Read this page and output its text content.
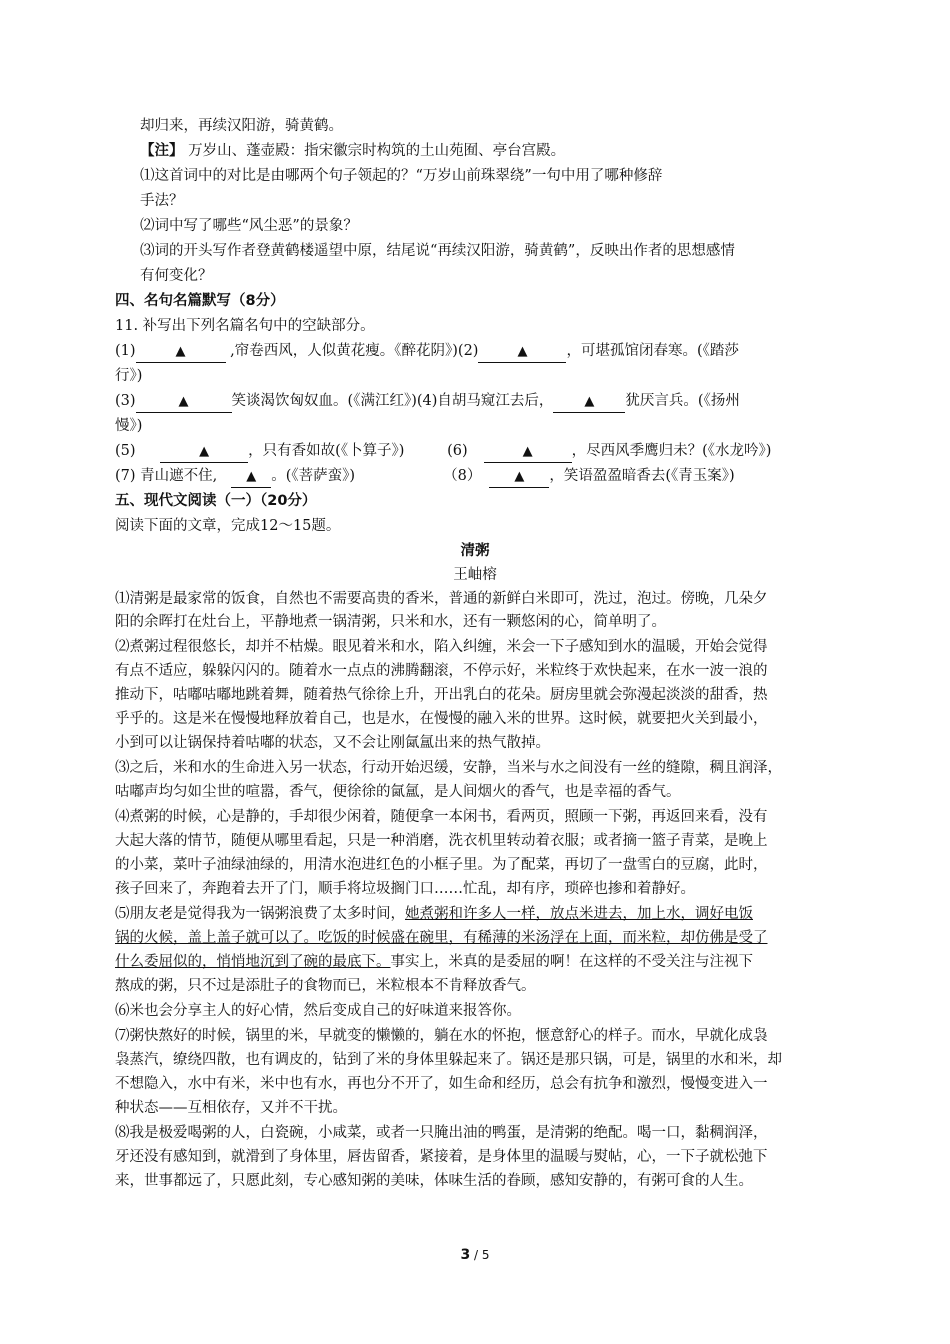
却归来，再续汉阳游，骑黄鹤。
【注】 万岁山、蓬壶殿：指宋徽宗时构筑的土山苑囿、亭台宫殿。
⑴这首词中的对比是由哪两个句子领起的？“万岁山前珠翠绕”一句中用了哪种修辞
手法？
⑵词中写了哪些“风尘恶”的景象？
⑶词的开头写作者登黄鹤楼遥望中原，结尾说“再续汉阳游，骑黄鹤”，反映出作者的思想感情
有何变化？
四、名句名篇默写（8分）
11. 补写出下列名篇名句中的空缺部分。
(1)	▲	,帘卷西风，人似黄花瘦。《醉花阴》)(2)	▲	，可堪孤馆闭春寒。(《踏莎
行》)
(3)	▲	笑谈渴饮匈奴血。(《满江红》)(4)自胡马窥江去后， ▲ 犹厌言兵。(《扬州
慢》)
(5)	▲	，只有香如故(《卜算子》)	(6)	▲	，尽西风季鹰归未？(《水龙吟》)
(7) 青山遮不住, ▲ 。(《菩萨蛮》)	（8）	▲ ，笑语盈盈暗香去(《青玉案》)
五、现代文阅读（一）（20分）
阅读下面的文章，完成12～15题。
清粥
王岫榕
⑴清粥是最家常的饭食，自然也不需要高贵的香米，普通的新鲜白米即可，洗过，泡过。傍晚，几朵夕
阳的余晖打在灶台上，平静地煮一锅清粥，只米和水，还有一颗悠闲的心，简单明了。
⑵煮粥过程很悠长，却并不枯燥。眼见着米和水，陷入纠缠，米会一下子感知到水的温暖，开始会觉得
有点不适应，躲躲闪闪的。随着水一点点的沸腾翻滚，不停示好，米粒终于欢快起来，在水一波一浪的
推动下，咕嘟咕嘟地跳着舞，随着热气徐徐上升，开出乳白的花朵。厨房里就会弥漫起淡淡的甜香，热
乎乎的。这是米在慢慢地释放着自己，也是水，在慢慢的融入米的世界。这时候，就要把火关到最小，
小到可以让锅保持着咕嘟的状态，又不会让刚氤氲出来的热气散掉。
⑶之后，米和水的生命进入另一状态，行动开始迟缓，安静，当米与水之间没有一丝的缝隙，稠且润泽，
咕嘟声均匀如尘世的喧嚣，香气，便徐徐的氤氲，是人间烟火的香气，也是幸福的香气。
⑷煮粥的时候，心是静的，手却很少闲着，随便拿一本闲书，看两页，照顾一下粥，再返回来看，没有
大起大落的情节，随便从哪里看起，只是一种消磨，洗衣机里转动着衣服；或者摘一篮子青菜，是晚上
的小菜，菜叶子油绿油绿的，用清水泡进红色的小框子里。为了配菜，再切了一盘雪白的豆腐，此时，
孩子回来了，奔跑着去开了门，顺手将垃圾搁门口……忙乱，却有序，琐碎也掺和着静好。
⑸朋友老是觉得我为一锅粥浪费了太多时间，她煮粥和许多人一样，放点米进去，加上水，调好电饭
锅的火候，盖上盖子就可以了。吃饭的时候盛在碗里，有稀薄的米汤浮在上面，而米粒，却仿佛是受了
什么委屈似的，悄悄地沉到了碗的最底下。事实上，米真的是委屈的啊！在这样的不受关注与注视下
熬成的粥，只不过是添肚子的食物而已，米粒根本不肯释放香气。
⑹米也会分享主人的好心情，然后变成自己的好味道来报答你。
⑺粥快熬好的时候，锅里的米，早就变的懒懒的，躺在水的怀抱，惬意舒心的样子。而水，早就化成袅
袅蒸汽，缭绕四散，也有调皮的，钻到了米的身体里躲起来了。锅还是那只锅，可是，锅里的水和米，却
不想隐入，水中有米，米中也有水，再也分不开了，如生命和经历，总会有抗争和激烈，慢慢变进入一
种状态——互相依存，又并不干扰。
⑻我是极爱喝粥的人，白瓷碗，小咸菜，或者一只腌出油的鸭蛋，是清粥的绝配。喝一口，黏稠润泽，
牙还没有感知到，就滑到了身体里，唇齿留香，紧接着，是身体里的温暖与熨帖，心，一下子就松弛下
来，世事都远了，只愿此刻，专心感知粥的美味，体味生活的眷顾，感知安静的，有粥可食的人生。
3 / 5
